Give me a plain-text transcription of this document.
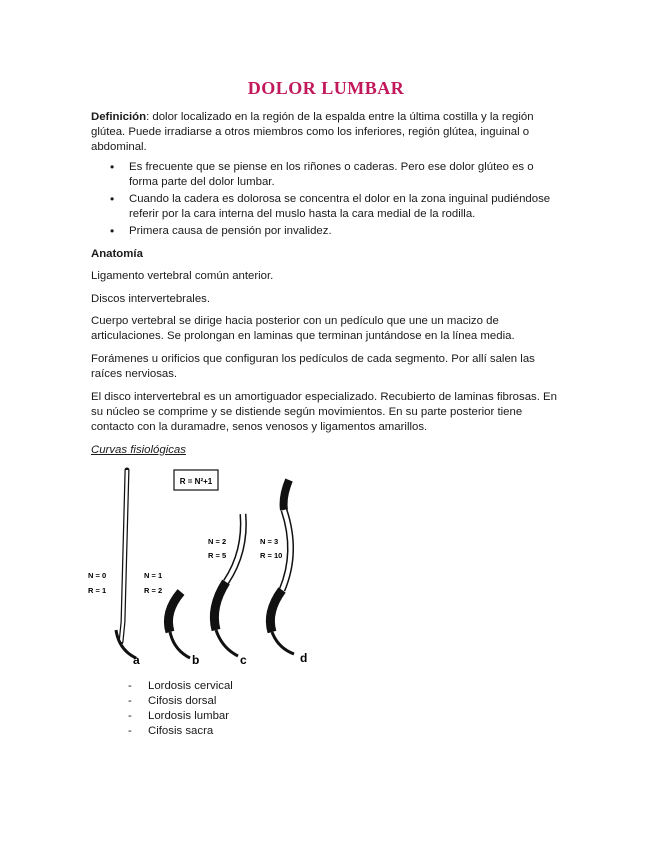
DOLOR LUMBAR

Definición: dolor localizado en la región de la espalda entre la última costilla y la región glútea. Puede irradiarse a otros miembros como los inferiores, región glútea, inguinal o abdominal.

• Es frecuente que se piense en los riñones o caderas. Pero ese dolor glúteo es o forma parte del dolor lumbar.
• Cuando la cadera es dolorosa se concentra el dolor en la zona inguinal pudiéndose referir por la cara interna del muslo hasta la cara medial de la rodilla.
• Primera causa de pensión por invalidez.

Anatomía

Ligamento vertebral común anterior.

Discos intervertebrales.

Cuerpo vertebral se dirige hacia posterior con un pedículo que une un macizo de articulaciones. Se prolongan en laminas que terminan juntándose en la línea media.

Forámenes u orificios que configuran los pedículos de cada segmento. Por allí salen las raíces nerviosas.

El disco intervertebral es un amortiguador especializado. Recubierto de laminas fibrosas. En su núcleo se comprime y se distiende según movimientos. En su parte posterior tiene contacto con la duramadre, senos venosos y ligamentos amarillos.

Curvas fisiológicas

- Lordosis cervical
- Cifosis dorsal
- Lordosis lumbar
- Cifosis sacra
R = N²+1
N = 0
R = 1
a
N = 1
R = 2
b
N = 2
R = 5
c
N = 3
R = 10
d
